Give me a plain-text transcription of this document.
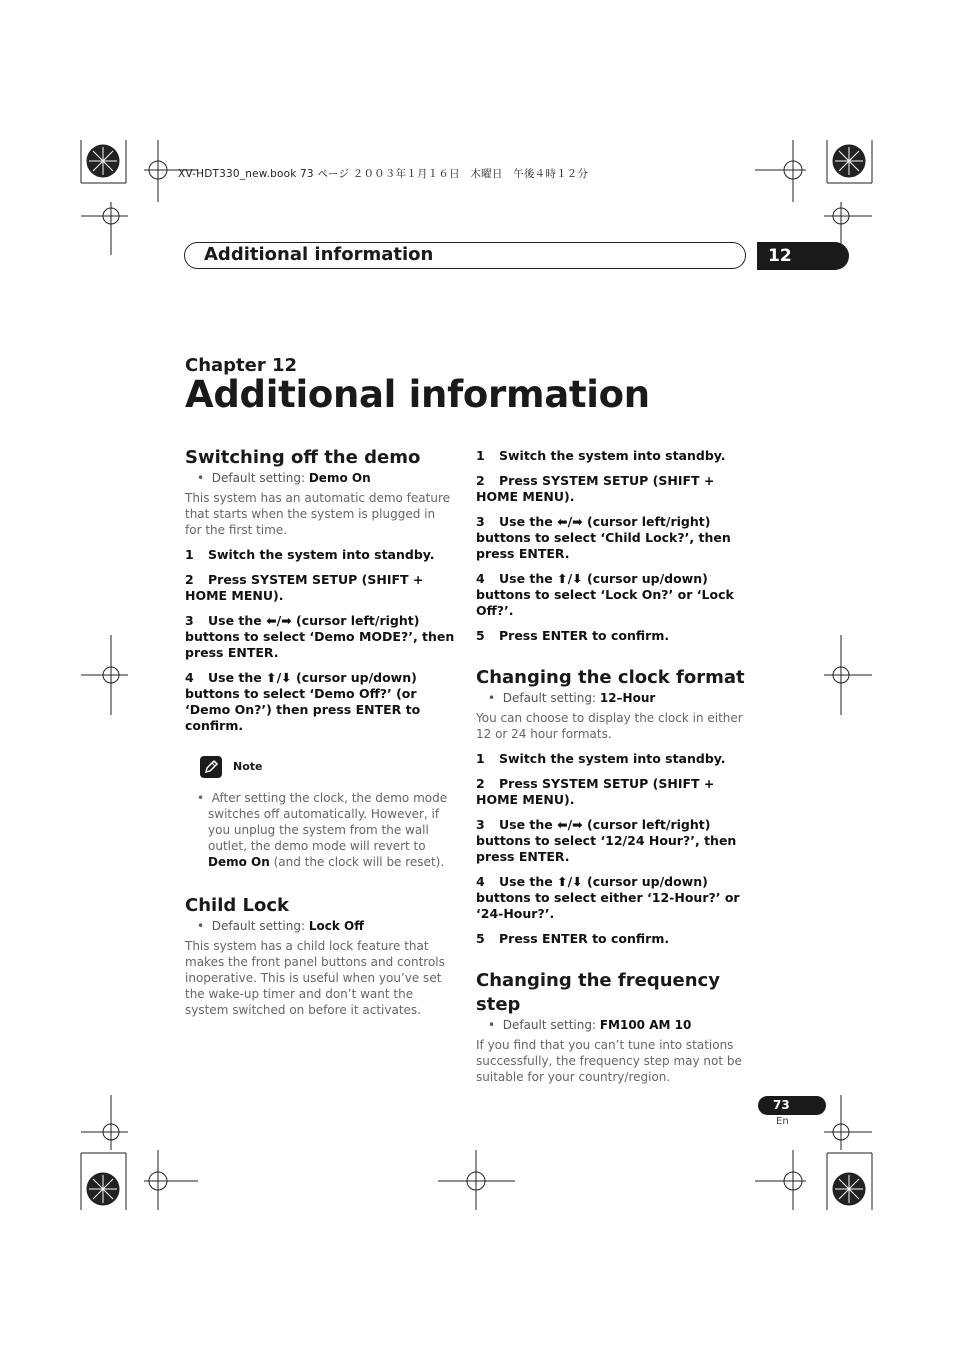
XV-HDT330_new.book 73 ページ ２００３年１月１６日　木曜日　午後４時１２分
Additional information	12
Chapter 12
Additional information
Switching off the demo

•  Default setting: Demo On

This system has an automatic demo feature that starts when the system is plugged in for the first time.

1 Switch the system into standby.

2 Press SYSTEM SETUP (SHIFT + HOME MENU).

3 Use the ⬅/➡ (cursor left/right) buttons to select ‘Demo MODE?’, then press ENTER.

4 Use the ⬆/⬇ (cursor up/down) buttons to select ‘Demo Off?’ (or ‘Demo On?’) then press ENTER to confirm.

Note

•  After setting the clock, the demo mode switches off automatically. However, if you unplug the system from the wall outlet, the demo mode will revert to Demo On (and the clock will be reset).

Child Lock

•  Default setting: Lock Off

This system has a child lock feature that makes the front panel buttons and controls inoperative. This is useful when you’ve set the wake-up timer and don’t want the system switched on before it activates.

1 Switch the system into standby.

2 Press SYSTEM SETUP (SHIFT + HOME MENU).

3 Use the ⬅/➡ (cursor left/right) buttons to select ‘Child Lock?’, then press ENTER.

4 Use the ⬆/⬇ (cursor up/down) buttons to select ‘Lock On?’ or ‘Lock Off?’.

5 Press ENTER to confirm.

Changing the clock format

•  Default setting: 12–Hour

You can choose to display the clock in either 12 or 24 hour formats.

1 Switch the system into standby.

2 Press SYSTEM SETUP (SHIFT + HOME MENU).

3 Use the ⬅/➡ (cursor left/right) buttons to select ‘12/24 Hour?’, then press ENTER.

4 Use the ⬆/⬇ (cursor up/down) buttons to select either ‘12-Hour?’ or ‘24-Hour?’.

5 Press ENTER to confirm.

Changing the frequency step

•  Default setting: FM100 AM 10

If you find that you can’t tune into stations successfully, the frequency step may not be suitable for your country/region.

73
En
